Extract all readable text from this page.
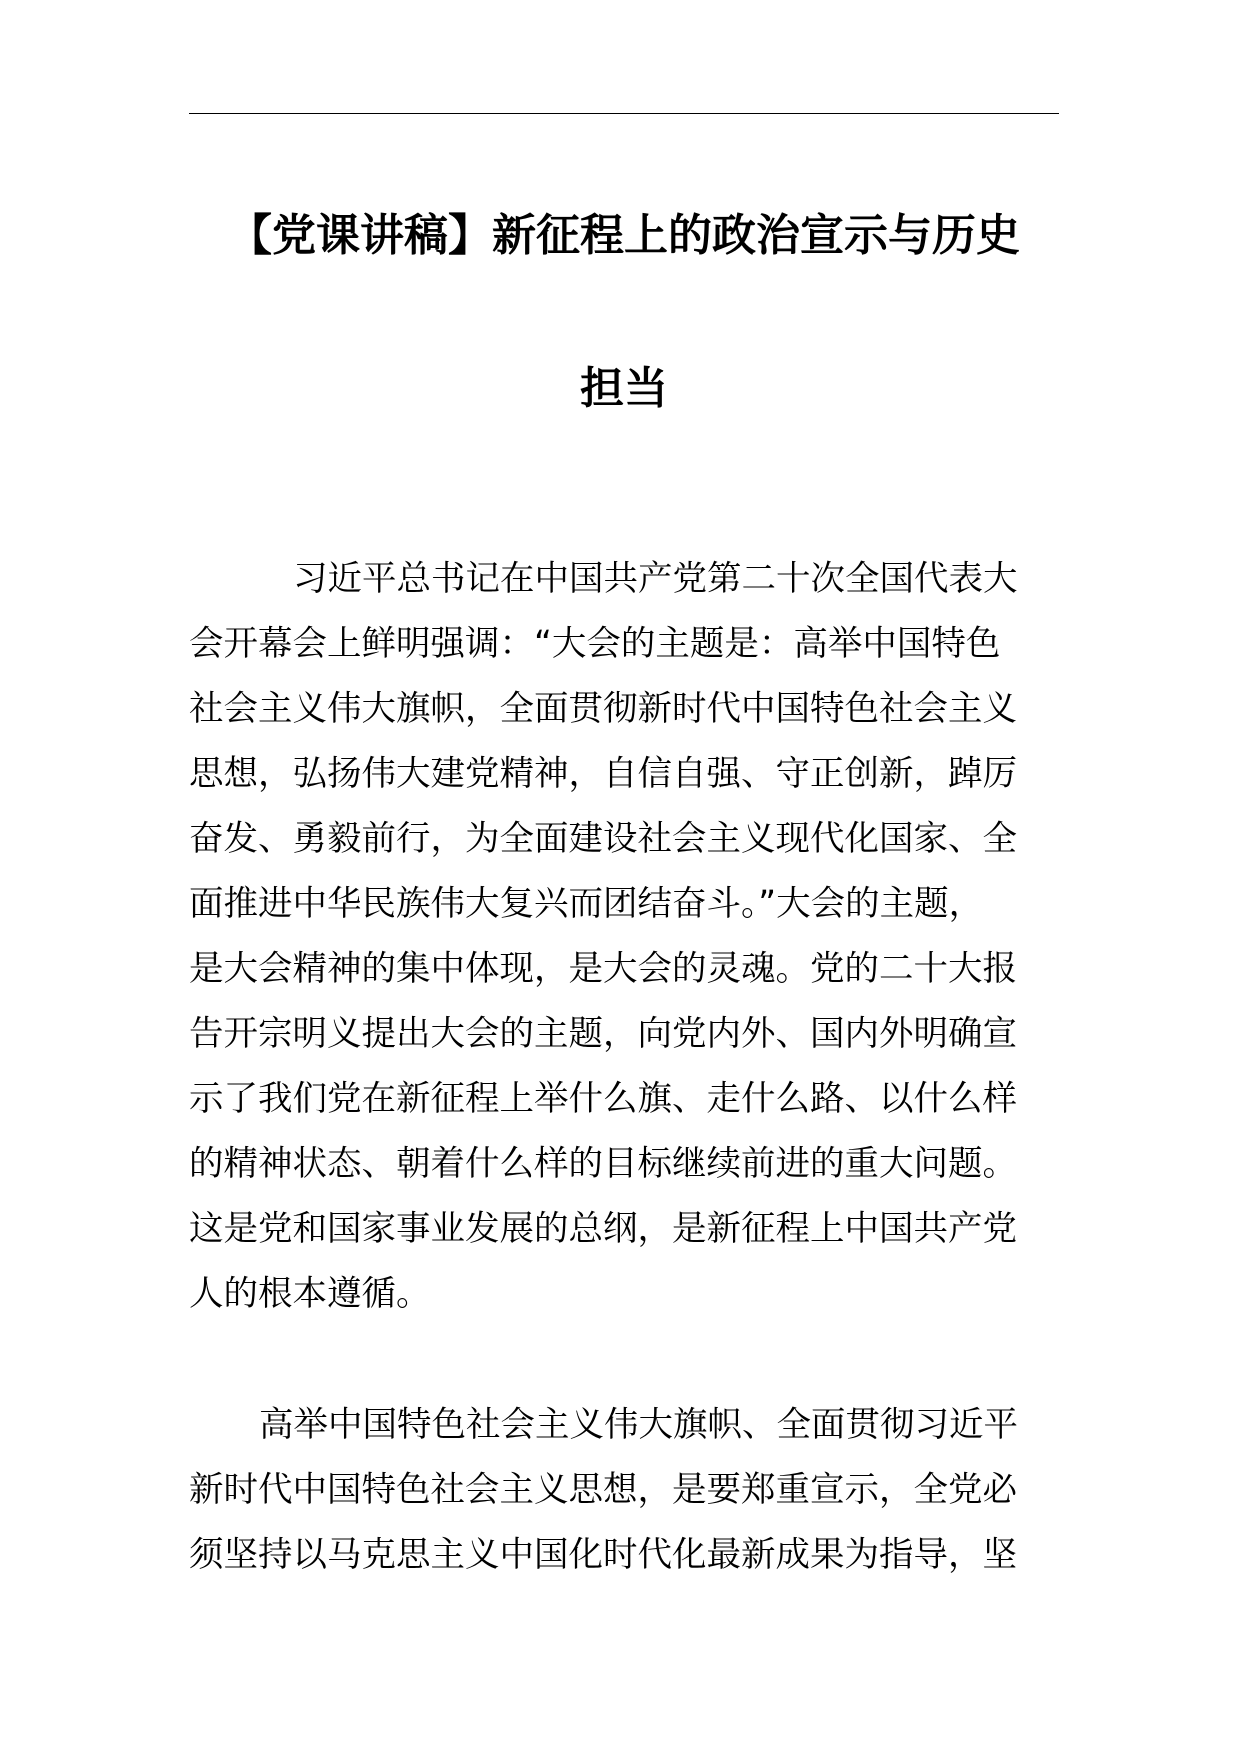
【党课讲稿】新征程上的政治宣示与历史
担当
习近平总书记在中国共产党第二十次全国代表大
会开幕会上鲜明强调：“大会的主题是：高举中国特色
社会主义伟大旗帜，全面贯彻新时代中国特色社会主义
思想，弘扬伟大建党精神，自信自强、守正创新，踔厉
奋发、勇毅前行，为全面建设社会主义现代化国家、全
面推进中华民族伟大复兴而团结奋斗。”大会的主题，
是大会精神的集中体现，是大会的灵魂。党的二十大报
告开宗明义提出大会的主题，向党内外、国内外明确宣
示了我们党在新征程上举什么旗、走什么路、以什么样
的精神状态、朝着什么样的目标继续前进的重大问题。
这是党和国家事业发展的总纲，是新征程上中国共产党
人的根本遵循。
高举中国特色社会主义伟大旗帜、全面贯彻习近平
新时代中国特色社会主义思想，是要郑重宣示，全党必
须坚持以马克思主义中国化时代化最新成果为指导，坚
